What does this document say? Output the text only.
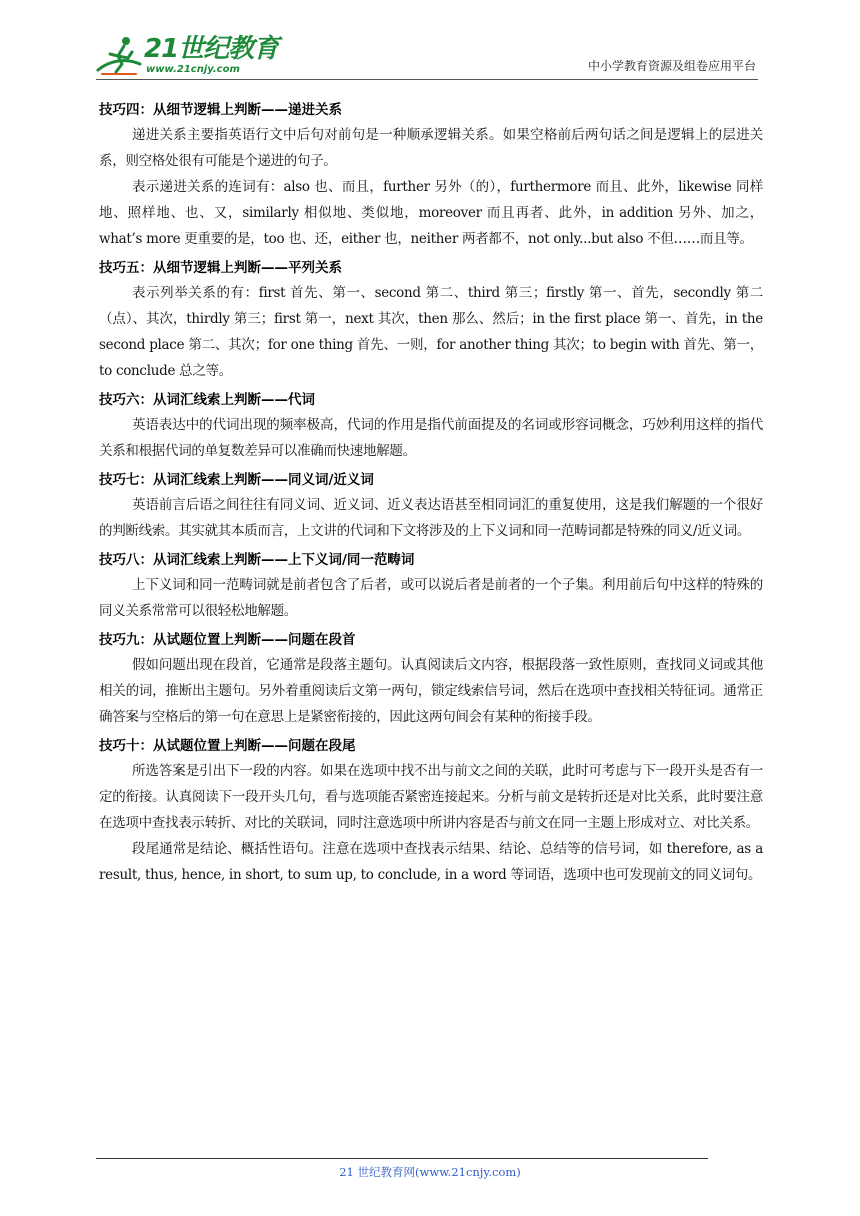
21世纪教育
www.21cnjy.com	中小学教育资源及组卷应用平台

技巧四：从细节逻辑上判断——递进关系

递进关系主要指英语行文中后句对前句是一种顺承逻辑关系。如果空格前后两句话之间是逻辑上的层进关系，则空格处很有可能是个递进的句子。

表示递进关系的连词有：also 也、而且，further 另外（的），furthermore 而且、此外，likewise 同样地、照样地、也、又，similarly 相似地、类似地，moreover 而且再者、此外，in addition 另外、加之，what’s more 更重要的是，too 也、还，either 也，neither 两者都不，not only...but also 不但……而且等。

技巧五：从细节逻辑上判断——平列关系

表示列举关系的有：first 首先、第一、second 第二、third 第三；firstly 第一、首先，secondly 第二（点）、其次，thirdly 第三；first 第一，next 其次，then 那么、然后；in the first place 第一、首先，in the second place 第二、其次；for one thing 首先、一则，for another thing 其次；to begin with 首先、第一，to conclude 总之等。

技巧六：从词汇线索上判断——代词

英语表达中的代词出现的频率极高，代词的作用是指代前面提及的名词或形容词概念，巧妙利用这样的指代关系和根据代词的单复数差异可以准确而快速地解题。

技巧七：从词汇线索上判断——同义词/近义词

英语前言后语之间往往有同义词、近义词、近义表达语甚至相同词汇的重复使用，这是我们解题的一个很好的判断线索。其实就其本质而言，上文讲的代词和下文将涉及的上下义词和同一范畴词都是特殊的同义/近义词。

技巧八：从词汇线索上判断——上下义词/同一范畴词

上下义词和同一范畴词就是前者包含了后者，或可以说后者是前者的一个子集。利用前后句中这样的特殊的同义关系常常可以很轻松地解题。

技巧九：从试题位置上判断——问题在段首

假如问题出现在段首，它通常是段落主题句。认真阅读后文内容，根据段落一致性原则，查找同义词或其他相关的词，推断出主题句。另外着重阅读后文第一两句，锁定线索信号词，然后在选项中查找相关特征词。通常正确答案与空格后的第一句在意思上是紧密衔接的，因此这两句间会有某种的衔接手段。

技巧十：从试题位置上判断——问题在段尾

所选答案是引出下一段的内容。如果在选项中找不出与前文之间的关联，此时可考虑与下一段开头是否有一定的衔接。认真阅读下一段开头几句，看与选项能否紧密连接起来。分析与前文是转折还是对比关系，此时要注意在选项中查找表示转折、对比的关联词，同时注意选项中所讲内容是否与前文在同一主题上形成对立、对比关系。

段尾通常是结论、概括性语句。注意在选项中查找表示结果、结论、总结等的信号词，如 therefore, as a result, thus, hence, in short, to sum up, to conclude, in a word 等词语，选项中也可发现前文的同义词句。

21 世纪教育网(www.21cnjy.com)
